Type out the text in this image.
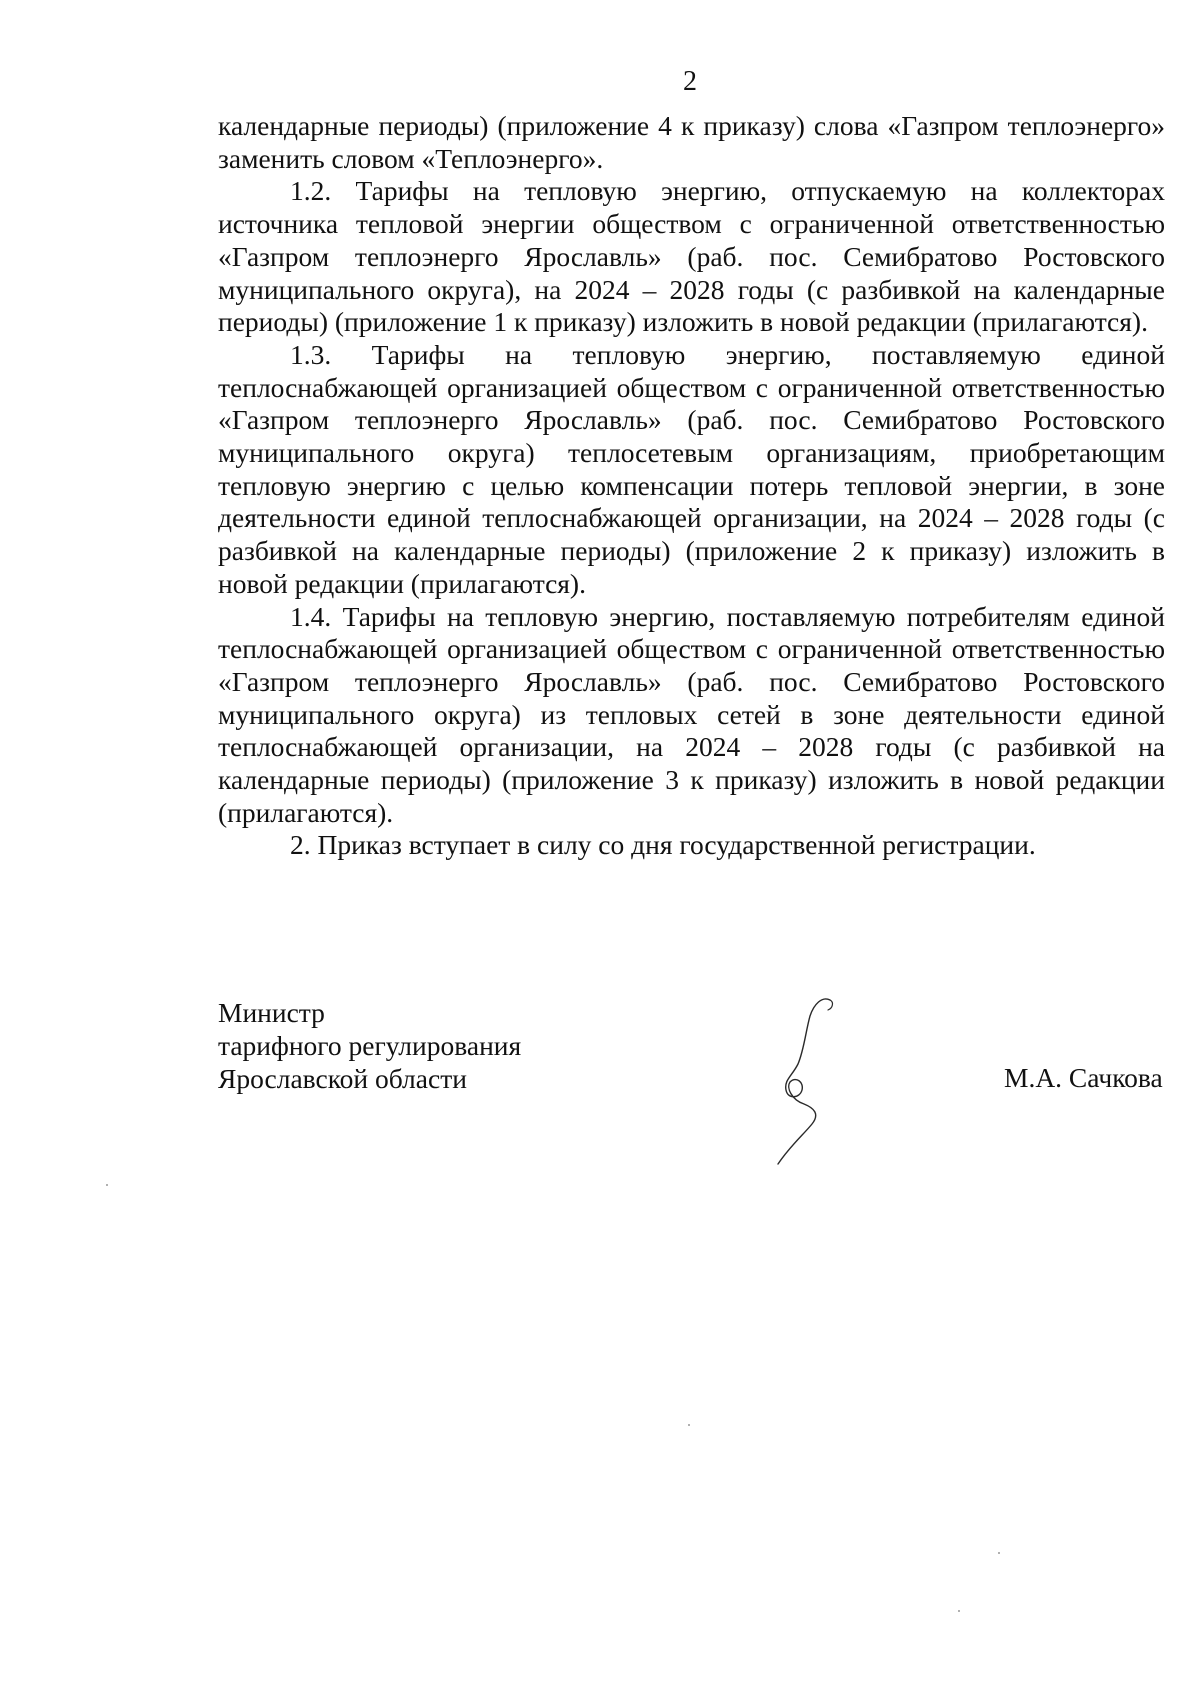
2

календарные периоды) (приложение 4 к приказу) слова «Газпром теплоэнерго» заменить словом «Теплоэнерго».

1.2. Тарифы на тепловую энергию, отпускаемую на коллекторах источника тепловой энергии обществом с ограниченной ответственностью «Газпром теплоэнерго Ярославль» (раб. пос. Семибратово Ростовского муниципального округа), на 2024 – 2028 годы (с разбивкой на календарные периоды) (приложение 1 к приказу) изложить в новой редакции (прилагаются).

1.3. Тарифы на тепловую энергию, поставляемую единой теплоснабжающей организацией обществом с ограниченной ответственностью «Газпром теплоэнерго Ярославль» (раб. пос. Семибратово Ростовского муниципального округа) теплосетевым организациям, приобретающим тепловую энергию с целью компенсации потерь тепловой энергии, в зоне деятельности единой теплоснабжающей организации, на 2024 – 2028 годы (с разбивкой на календарные периоды) (приложение 2 к приказу) изложить в новой редакции (прилагаются).

1.4. Тарифы на тепловую энергию, поставляемую потребителям единой теплоснабжающей организацией обществом с ограниченной ответственностью «Газпром теплоэнерго Ярославль» (раб. пос. Семибратово Ростовского муниципального округа) из тепловых сетей в зоне деятельности единой теплоснабжающей организации, на 2024 – 2028 годы (с разбивкой на календарные периоды) (приложение 3 к приказу) изложить в новой редакции (прилагаются).

2. Приказ вступает в силу со дня государственной регистрации.

Министр
тарифного регулирования
Ярославской области	М.А. Сачкова
